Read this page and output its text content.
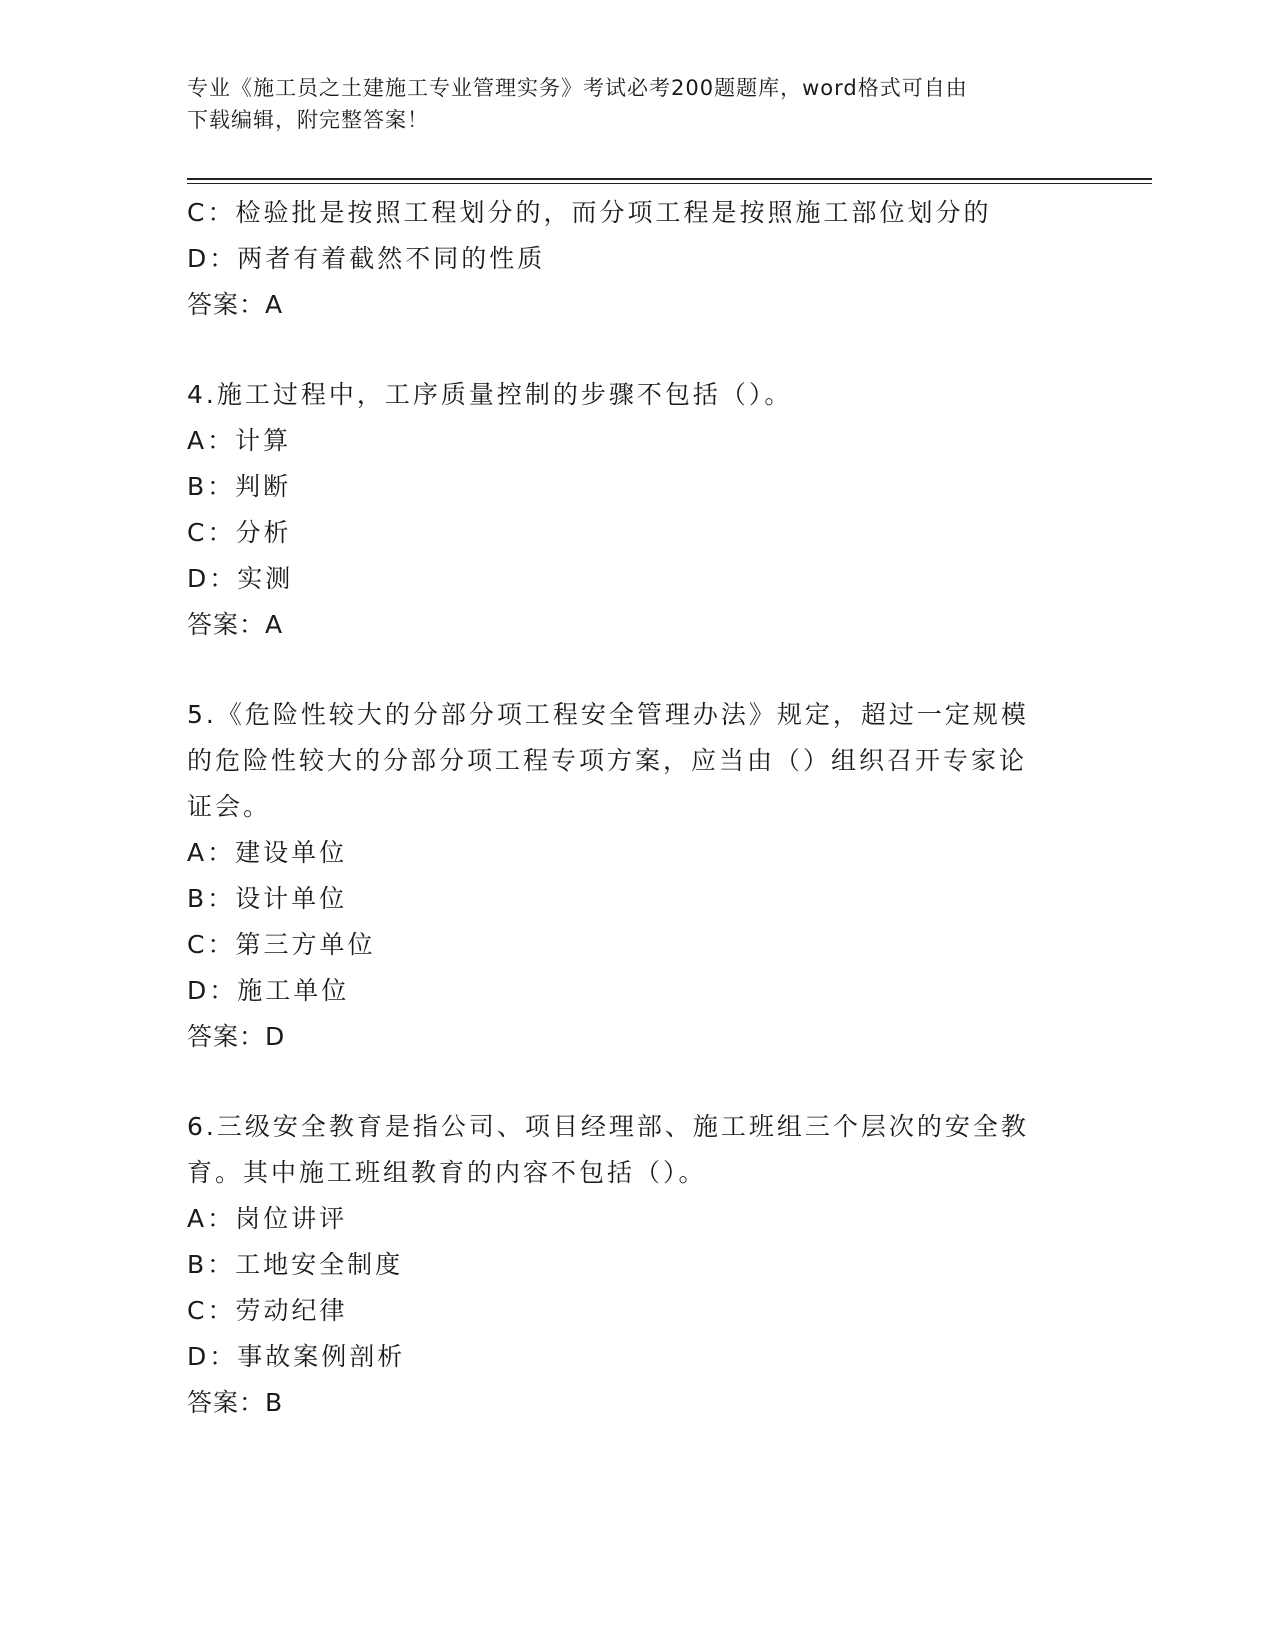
专业《施工员之土建施工专业管理实务》考试必考200题题库，word格式可自由

下载编辑，附完整答案！

C：检验批是按照工程划分的，而分项工程是按照施工部位划分的
D：两者有着截然不同的性质
答案：A
4.施工过程中，工序质量控制的步骤不包括（）。
A：计算
B：判断
C：分析
D：实测
答案：A
5.《危险性较大的分部分项工程安全管理办法》规定，超过一定规模
的危险性较大的分部分项工程专项方案，应当由（）组织召开专家论
证会。
A：建设单位
B：设计单位
C：第三方单位
D：施工单位
答案：D
6.三级安全教育是指公司、项目经理部、施工班组三个层次的安全教
育。其中施工班组教育的内容不包括（）。
A：岗位讲评
B：工地安全制度
C：劳动纪律
D：事故案例剖析
答案：B
